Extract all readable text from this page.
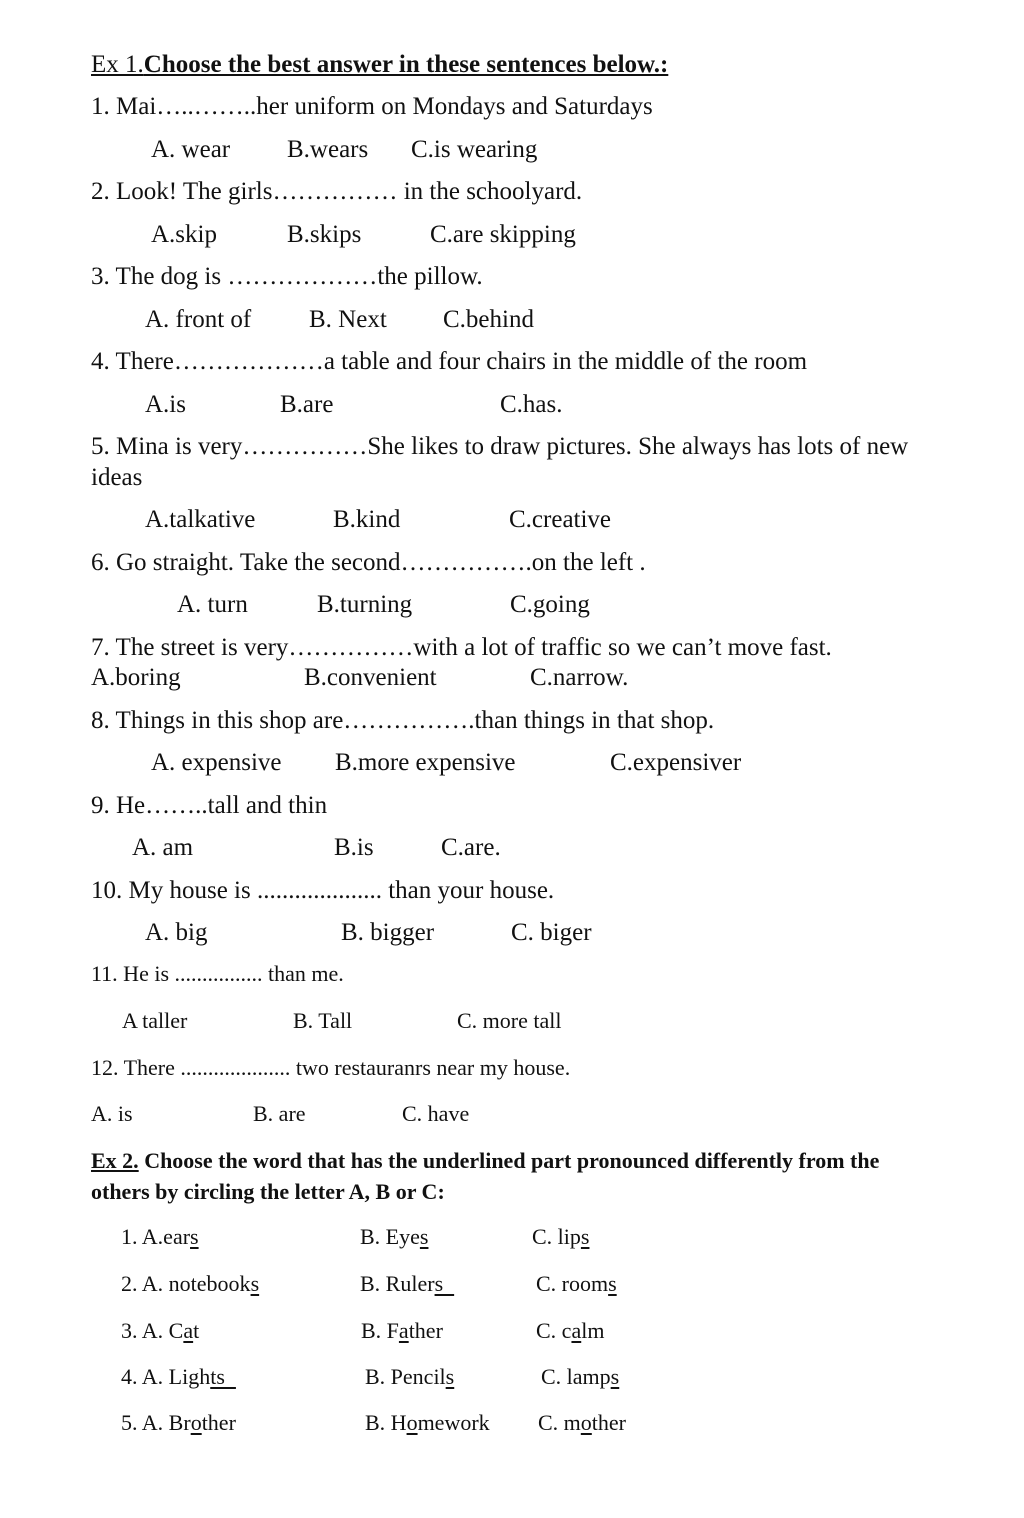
Ex 1.Choose the best answer in these sentences below.:
1. Mai…..……..her uniform on Mondays and Saturdays
A. wear B.wears C.is wearing
2. Look! The girls…………… in the schoolyard.
A.skip	B.skips	C.are skipping
3. The dog is ………………the pillow.
A. front of B. Next C.behind
4. There………………a table and four chairs in the middle of the room
A.is	B.are	C.has.
5. Mina is very……………She likes to draw pictures. She always has lots of new
ideas
A.talkative	B.kind	C.creative
6. Go straight. Take the second…………….on the left .
A. turn	B.turning	C.going
7. The street is very……………with a lot of traffic so we can’t move fast.
A.boring	B.convenient	C.narrow.
8. Things in this shop are…………….than things in that shop.
A. expensive B.more expensive	C.expensiver
9. He……..tall and thin
A. am	B.is	C.are.
10. My house is .................... than your house.
A. big	B. bigger	C. biger
11. He is ................ than me.
A taller	B. Tall	C. more tall
12. There .................... two restauranrs near my house.
A. is	B. are	C. have
Ex 2. Choose the word that has the underlined part pronounced differently from the
others by circling the letter A, B or C:
1. A.ears	B. Eyes	C. lips
2. A. notebooks	B. Rulers	C. rooms
3. A. Cat	B. Father	C. calm
4. A. Lights	B. Pencils	C. lamps
5. A. Brother	B. Homework C. mother
